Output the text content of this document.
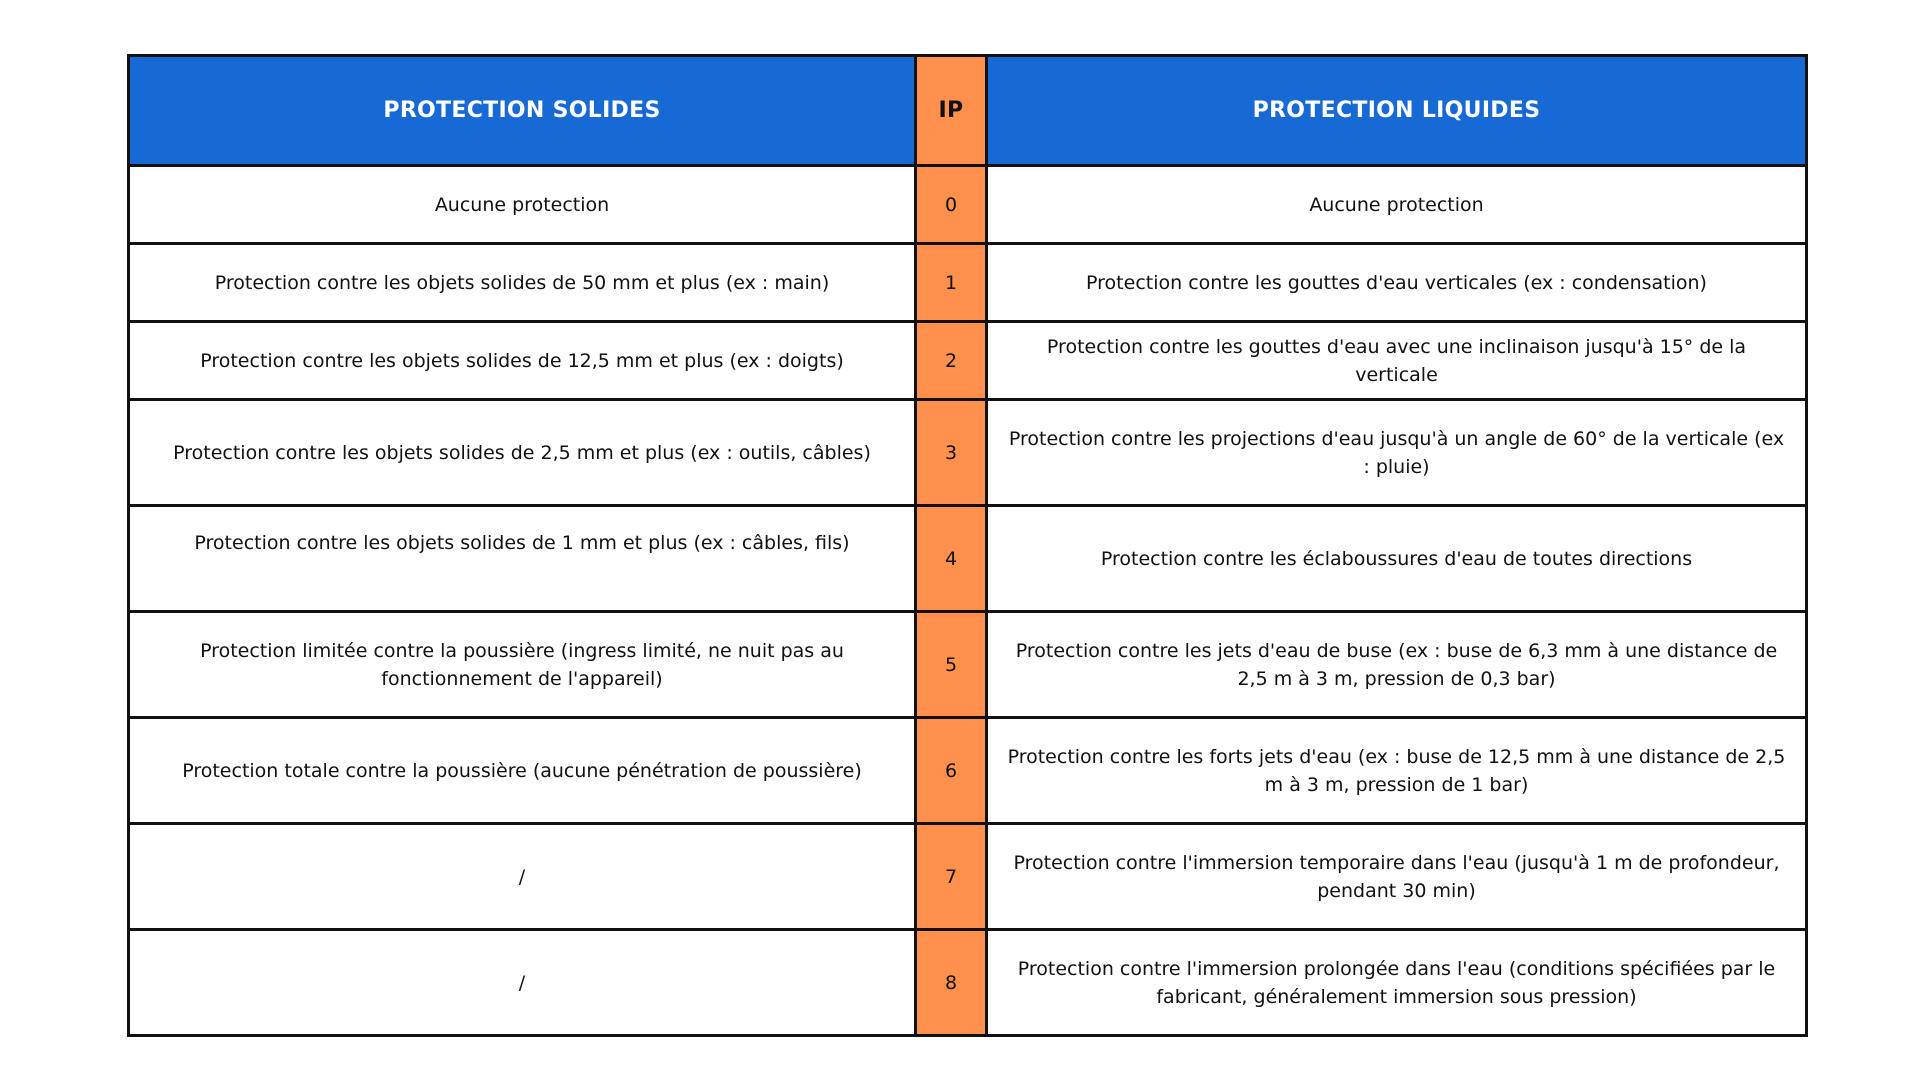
PROTECTION SOLIDES	IP	PROTECTION LIQUIDES
Aucune protection	0	Aucune protection
Protection contre les objets solides de 50 mm et plus (ex : main)	1	Protection contre les gouttes d'eau verticales (ex : condensation)
Protection contre les objets solides de 12,5 mm et plus (ex : doigts)	2	Protection contre les gouttes d'eau avec une inclinaison jusqu'à 15° de la verticale
Protection contre les objets solides de 2,5 mm et plus (ex : outils, câbles)	3	Protection contre les projections d'eau jusqu'à un angle de 60° de la verticale (ex : pluie)
Protection contre les objets solides de 1 mm et plus (ex : câbles, fils)	4	Protection contre les éclaboussures d'eau de toutes directions
Protection limitée contre la poussière (ingress limité, ne nuit pas au fonctionnement de l'appareil)	5	Protection contre les jets d'eau de buse (ex : buse de 6,3 mm à une distance de 2,5 m à 3 m, pression de 0,3 bar)
Protection totale contre la poussière (aucune pénétration de poussière)	6	Protection contre les forts jets d'eau (ex : buse de 12,5 mm à une distance de 2,5 m à 3 m, pression de 1 bar)
/	7	Protection contre l'immersion temporaire dans l'eau (jusqu'à 1 m de profondeur, pendant 30 min)
/	8	Protection contre l'immersion prolongée dans l'eau (conditions spécifiées par le fabricant, généralement immersion sous pression)
